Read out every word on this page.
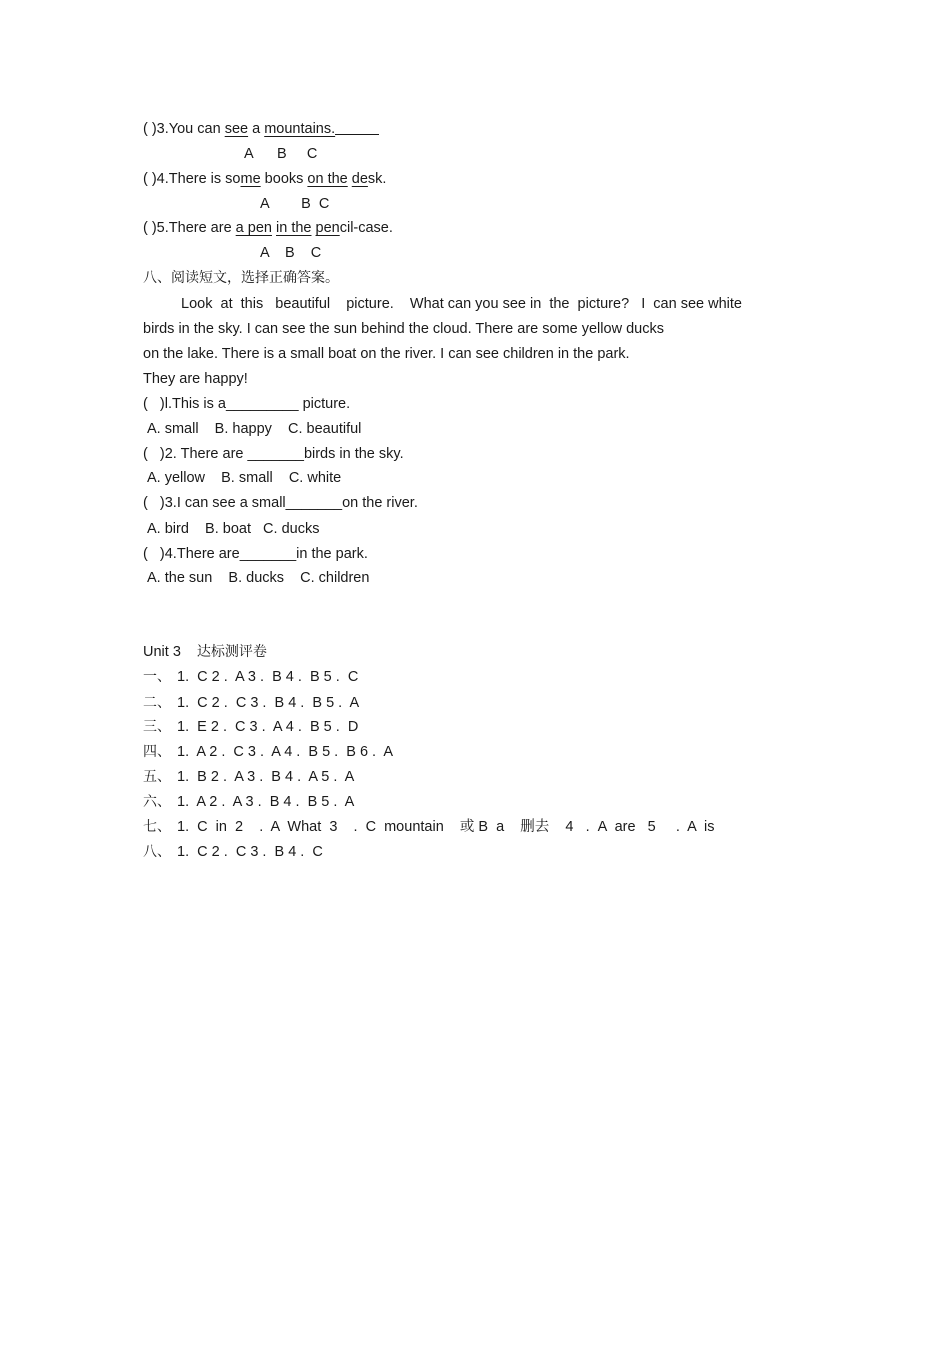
( )3.You can see a mountains.
A      B     C
( )4.There is some books on the desk.
A        B  C
( )5.There are a pen in the pencil-case.
A    B    C
八、阅读短文，选择正确答案。
Look  at  this   beautiful    picture.    What can you see in  the  picture?   I  can see white
birds in the sky. I can see the sun behind the cloud. There are some yellow ducks
on the lake. There is a small boat on the river. I can see children in the park.
They are happy!
(   )l.This is a_________ picture.
A. small    B. happy    C. beautiful
(   )2. There are _______birds in the sky.
A. yellow    B. small    C. white
(   )3.I can see a small_______on the river.
A. bird    B. boat   C. ducks
(   )4.There are_______in the park.
A. the sun    B. ducks    C. children
Unit 3 达标测评卷
一、 1.  C 2 .  A 3 .  B 4 .  B 5 .  C
二、 1.  C 2 .  C 3 .  B 4 .  B 5 .  A
三、 1.  E 2 .  C 3 .  A 4 .  B 5 .  D
四、 1.  A 2 .  C 3 .  A 4 .  B 5 .  B 6 .  A
五、 1.  B 2 .  A 3 .  B 4 .  A 5 .  A
六、 1.  A 2 .  A 3 .  B 4 .  B 5 .  A
七、 1.  C  in  2    .  A  What  3    .  C  mountain    或 B  a    删去    4   .  A  are   5     .  A  is
八、 1.  C 2 .  C 3 .  B 4 .  C
